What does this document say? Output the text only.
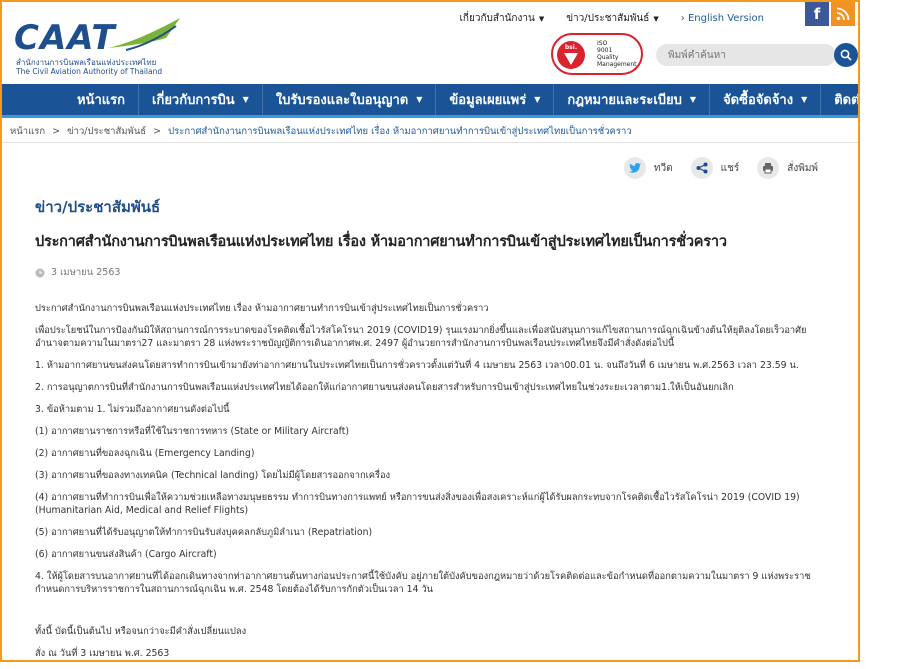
CAAT
สำนักงานการบินพลเรือนแห่งประเทศไทย
The Civil Aviation Authority of Thailand
เกี่ยวกับสำนักงาน ▼ ข่าว/ประชาสัมพันธ์ ▼ › English Version	f
bsi.
ISO
9001
Quality
Management
พิมพ์คำค้นหา
หน้าแรก เกี่ยวกับการบิน ▼ ใบรับรองและใบอนุญาต ▼ ข้อมูลเผยแพร่ ▼ กฎหมายและระเบียบ ▼ จัดซื้อจัดจ้าง ▼ ติดต่อเรา
หน้าแรก > ข่าว/ประชาสัมพันธ์ > ประกาศสำนักงานการบินพลเรือนแห่งประเทศไทย เรื่อง ห้ามอากาศยานทำการบินเข้าสู่ประเทศไทยเป็นการชั่วคราว
ทวีต	แชร์	สั่งพิมพ์
ข่าว/ประชาสัมพันธ์
ประกาศสำนักงานการบินพลเรือนแห่งประเทศไทย เรื่อง ห้ามอากาศยานทำการบินเข้าสู่ประเทศไทยเป็นการชั่วคราว
3 เมษายน 2563

ประกาศสำนักงานการบินพลเรือนแห่งประเทศไทย เรื่อง ห้ามอากาศยานทำการบินเข้าสู่ประเทศไทยเป็นการชั่วคราว

เพื่อประโยชน์ในการป้องกันมิให้สถานการณ์การระบาดของโรคติดเชื้อไวรัสโคโรนา 2019 (COVID19) รุนแรงมากยิ่งขึ้นและเพื่อสนับสนุนการแก้ไขสถานการณ์ฉุกเฉินข้างต้นให้ยุติลงโดยเร็วอาศัยอำนาจตามความในมาตรา27 และมาตรา 28 แห่งพระราชบัญญัติการเดินอากาศพ.ศ. 2497 ผู้อำนวยการสำนักงานการบินพลเรือนประเทศไทยจึงมีคำสั่งดังต่อไปนี้

1. ห้ามอากาศยานขนส่งคนโดยสารทำการบินเข้ามายังท่าอากาศยานในประเทศไทยเป็นการชั่วคราวตั้งแต่วันที่ 4 เมษายน 2563 เวลา00.01 น. จนถึงวันที่ 6 เมษายน พ.ศ.2563 เวลา 23.59 น.

2. การอนุญาตการบินที่สำนักงานการบินพลเรือนแห่งประเทศไทยได้ออกให้แก่อากาศยานขนส่งคนโดยสารสำหรับการบินเข้าสู่ประเทศไทยในช่วงระยะเวลาตาม1.ให้เป็นอันยกเลิก

3. ข้อห้ามตาม 1. ไม่รวมถึงอากาศยานดังต่อไปนี้

(1) อากาศยานราชการหรือที่ใช้ในราชการทหาร (State or Military Aircraft)

(2) อากาศยานที่ขอลงฉุกเฉิน (Emergency Landing)

(3) อากาศยานที่ขอลงทางเทคนิค (Technical landing) โดยไม่มีผู้โดยสารออกจากเครื่อง

(4) อากาศยานที่ทำการบินเพื่อให้ความช่วยเหลือทางมนุษยธรรม ทำการบินทางการแพทย์ หรือการขนส่งสิ่งของเพื่อสงเคราะห์แก่ผู้ได้รับผลกระทบจากโรคติดเชื้อไวรัสโคโรน่า 2019 (COVID 19) (Humanitarian Aid, Medical and Relief Flights)

(5) อากาศยานที่ได้รับอนุญาตให้ทำการบินรับส่งบุคคลกลับภูมิลำเนา (Repatriation)

(6) อากาศยานขนส่งสินค้า (Cargo Aircraft)

4. ให้ผู้โดยสารบนอากาศยานที่ได้ออกเดินทางจากท่าอากาศยานต้นทางก่อนประกาศนี้ใช้บังคับ อยู่ภายใต้บังคับของกฎหมายว่าด้วยโรคติดต่อและข้อกำหนดที่ออกตามความในมาตรา 9 แห่งพระราชกำหนดการบริหารราชการในสถานการณ์ฉุกเฉิน พ.ศ. 2548 โดยต้องได้รับการกักตัวเป็นเวลา 14 วัน

ทั้งนี้ บัดนี้เป็นต้นไป หรือจนกว่าจะมีคำสั่งเปลี่ยนแปลง

สั่ง ณ วันที่ 3 เมษายน พ.ศ. 2563
